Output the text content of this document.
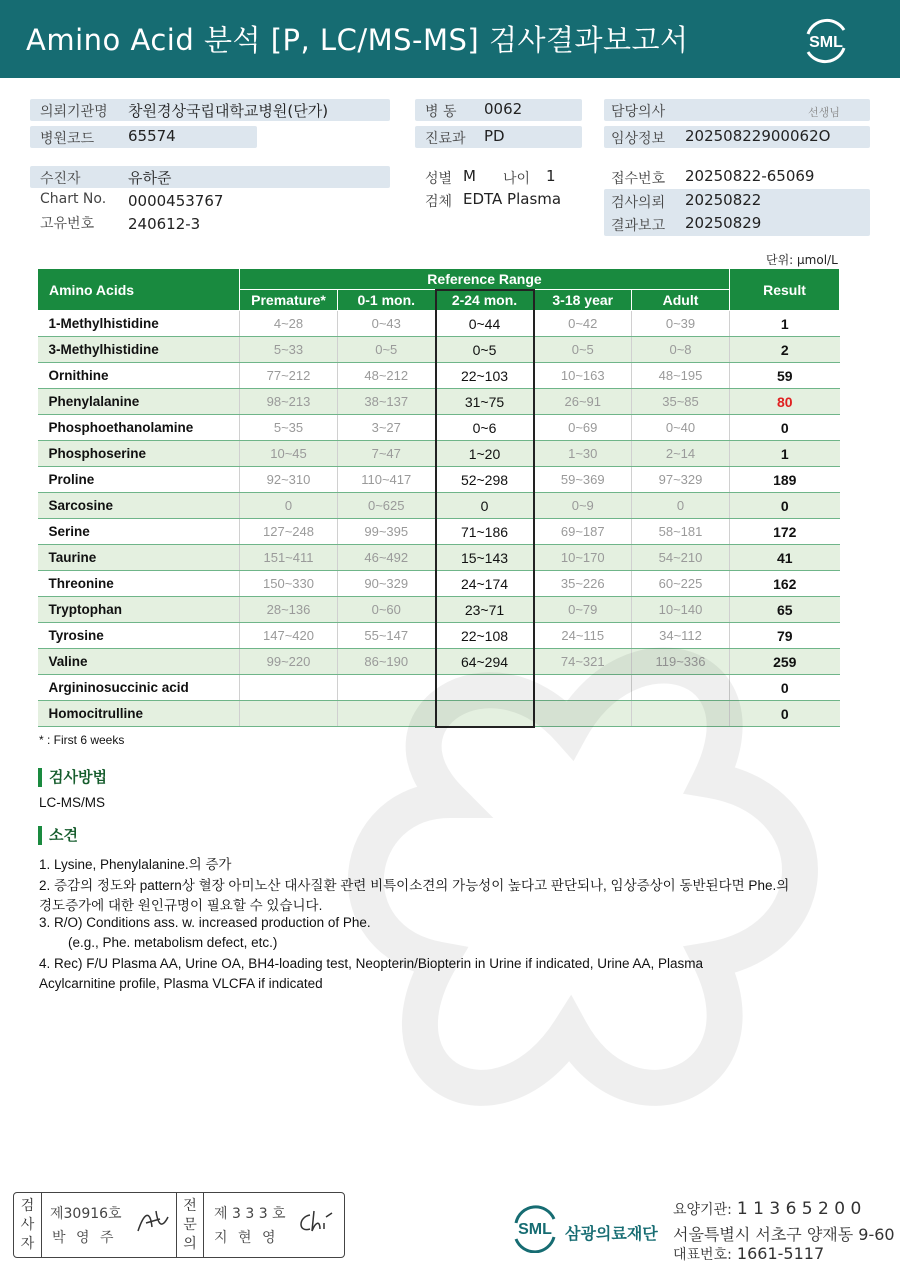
Amino Acid 분석 [P, LC/MS-MS] 검사결과보고서	SML
의뢰기관명 창원경상국립대학교병원(단가)
병원코드 65574
병 동 0062
진료과 PD
담당의사	선생님
임상정보 20250822900062O
수진자	유하준
Chart No. 0000453767
고유번호 240612-3
성별 M 나이 1
검체 EDTA Plasma
접수번호 20250822-65069
검사의뢰 20250822
결과보고 20250829
단위: μmol/L
Amino Acids	Reference Range					Result
	Premature*	0-1 mon.	2-24 mon.	3-18 year	Adult	
1-Methylhistidine	4~28	0~43	0~44	0~42	0~39	1
3-Methylhistidine	5~33	0~5	0~5	0~5	0~8	2
Ornithine	77~212	48~212	22~103	10~163	48~195	59
Phenylalanine	98~213	38~137	31~75	26~91	35~85	80
Phosphoethanolamine	5~35	3~27	0~6	0~69	0~40	0
Phosphoserine	10~45	7~47	1~20	1~30	2~14	1
Proline	92~310	110~417	52~298	59~369	97~329	189
Sarcosine	0	0~625	0	0~9	0	0
Serine	127~248	99~395	71~186	69~187	58~181	172
Taurine	151~411	46~492	15~143	10~170	54~210	41
Threonine	150~330	90~329	24~174	35~226	60~225	162
Tryptophan	28~136	0~60	23~71	0~79	10~140	65
Tyrosine	147~420	55~147	22~108	24~115	34~112	79
Valine	99~220	86~190	64~294	74~321	119~336	259
Argininosuccinic acid						0
Homocitrulline						0
* : First 6 weeks
검사방법
LC-MS/MS
소견
1. Lysine, Phenylalanine.의 증가
2. 증감의 정도와 pattern상 혈장 아미노산 대사질환 관련 비특이소견의 가능성이 높다고 판단되나, 임상증상이 동반된다면 Phe.의
경도증가에 대한 원인규명이 필요할 수 있습니다.
3. R/O) Conditions ass. w. increased production of Phe.
(e.g., Phe. metabolism defect, etc.)
4. Rec) F/U Plasma AA, Urine OA, BH4-loading test, Neopterin/Biopterin in Urine if indicated, Urine AA, Plasma
Acylcarnitine profile, Plasma VLCFA if indicated
검사자
제30916호
박 영 주
전문의
제 3 3 3 호
지 현 영	SML 삼광의료재단
요양기관: 1 1 3 6 5 2 0 0
서울특별시 서초구 양재동 9-60
대표번호: 1661-5117
